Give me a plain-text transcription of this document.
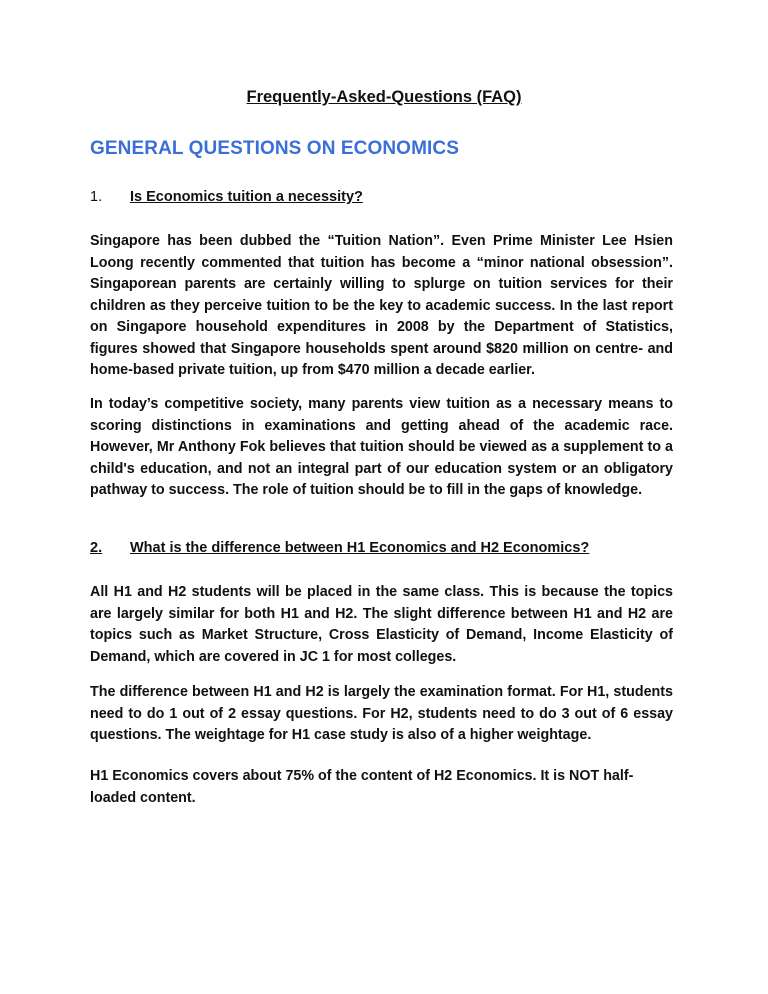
Frequently-Asked-Questions (FAQ)
GENERAL QUESTIONS ON ECONOMICS

1. Is Economics tuition a necessity?

Singapore has been dubbed the “Tuition Nation”. Even Prime Minister Lee Hsien Loong recently commented that tuition has become a “minor national obsession”. Singaporean parents are certainly willing to splurge on tuition services for their children as they perceive tuition to be the key to academic success. In the last report on Singapore household expenditures in 2008 by the Department of Statistics, figures showed that Singapore households spent around $820 million on centre- and home-based private tuition, up from $470 million a decade earlier.

In today’s competitive society, many parents view tuition as a necessary means to scoring distinctions in examinations and getting ahead of the academic race. However, Mr Anthony Fok believes that tuition should be viewed as a supplement to a child's education, and not an integral part of our education system or an obligatory pathway to success. The role of tuition should be to fill in the gaps of knowledge.

2. What is the difference between H1 Economics and H2 Economics?

All H1 and H2 students will be placed in the same class. This is because the topics are largely similar for both H1 and H2. The slight difference between H1 and H2 are topics such as Market Structure, Cross Elasticity of Demand, Income Elasticity of Demand, which are covered in JC 1 for most colleges.

The difference between H1 and H2 is largely the examination format. For H1, students need to do 1 out of 2 essay questions. For H2, students need to do 3 out of 6 essay questions. The weightage for H1 case study is also of a higher weightage.

H1 Economics covers about 75% of the content of H2 Economics. It is NOT half-loaded content.
